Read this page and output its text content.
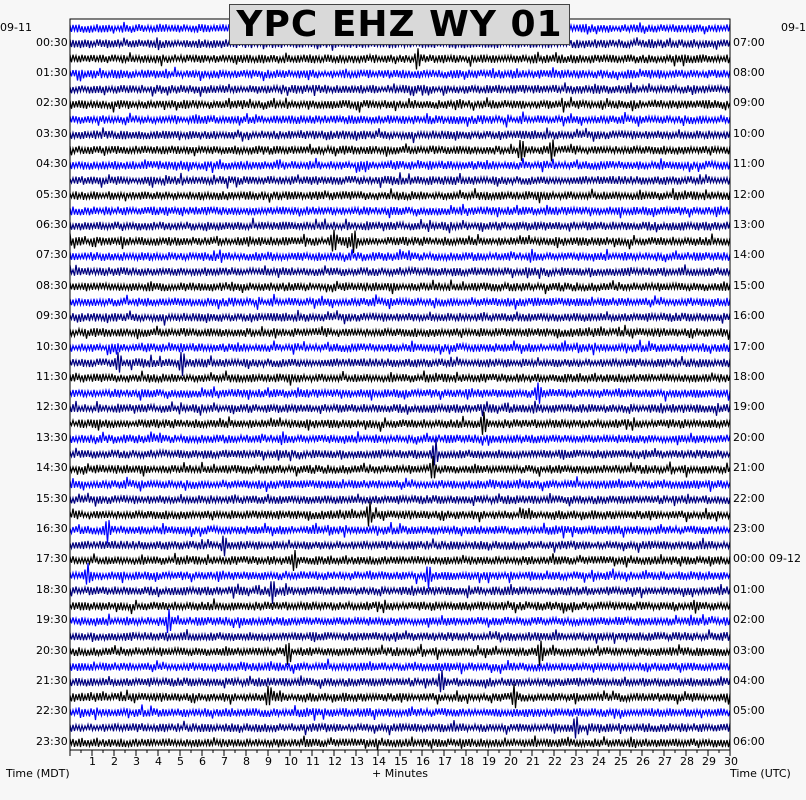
YPC EHZ WY 01
09-11	09-1
Time (MDT)	+ Minutes	Time (UTC)
1 2 3 4 5 6 7 8 9 10 11 12 13 14 15 16 17 18 19 20 21 22 23 24 25 26 27 28 29 30
00:30
01:30
02:30
03:30
04:30
05:30
06:30
07:30
08:30
09:30
10:30
11:30
12:30
13:30
14:30
15:30
16:30
17:30
18:30
19:30
20:30
21:30
22:30
23:30
07:00
08:00
09:00
10:00
11:00
12:00
13:00
14:00
15:00
16:00
17:00
18:00
19:00
20:00
21:00
22:00
23:00
00:00
01:00
02:00
03:00
04:00
05:00
06:00
09-12
